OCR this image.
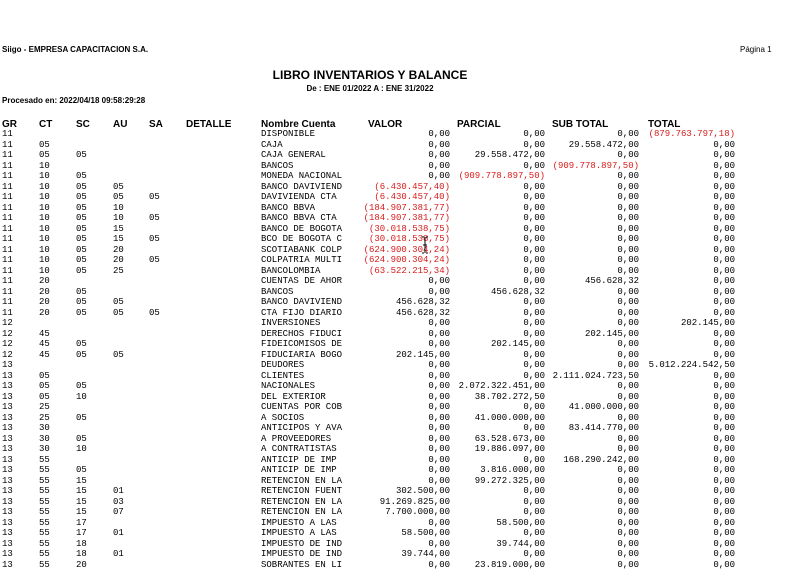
Siigo - EMPRESA CAPACITACION S.A.	Página 1
LIBRO INVENTARIOS Y BALANCE
De : ENE 01/2022 A : ENE 31/2022
Procesado en: 2022/04/18 09:58:29:28
GR CT SC AU SA DETALLE	Nombre Cuenta	VALOR	PARCIAL	SUB TOTAL	TOTAL
11	DISPONIBLE	0,00	0,00	0,00 (879.763.797,18)
11	05	CAJA	0,00	0,00	29.558.472,00	0,00
11	05	05	CAJA GENERAL	0,00	29.558.472,00	0,00	0,00
11	10	BANCOS	0,00	0,00 (909.778.897,50)	0,00
11	10	05	MONEDA NACIONAL	0,00 (909.778.897,50)	0,00	0,00
11	10	05	05	BANCO DAVIVIEND	(6.430.457,40)	0,00	0,00	0,00
11	10	05	05	05	DAVIVIENDA CTA	(6.430.457,40)	0,00	0,00	0,00
11	10	05	10	BANCO BBVA	(184.907.381,77)	0,00	0,00	0,00
11	10	05	10	05	BANCO BBVA CTA	(184.907.381,77)	0,00	0,00	0,00
11	10	05	15	BANCO DE BOGOTA	(30.018.538,75)	0,00	0,00	0,00
11	10	05	15	05	BCO DE BOGOTA C	(30.018.538,75)	0,00	0,00	0,00
11	10	05	20	SCOTIABANK COLP (624.900.304,24)	0,00	0,00	0,00
11	10	05	20	05	COLPATRIA MULTI (624.900.304,24)	0,00	0,00	0,00
11	10	05	25	BANCOLOMBIA	(63.522.215,34)	0,00	0,00	0,00
11	20	CUENTAS DE AHOR	0,00	0,00	456.628,32	0,00
11	20	05	BANCOS	0,00	456.628,32	0,00	0,00
11	20	05	05	BANCO DAVIVIEND	456.628,32	0,00	0,00	0,00
11	20	05	05	05	CTA FIJO DIARIO	456.628,32	0,00	0,00	0,00
12	INVERSIONES	0,00	0,00	0,00	202.145,00
12	45	DERECHOS FIDUCI	0,00	0,00	202.145,00	0,00
12	45	05	FIDEICOMISOS DE	0,00	202.145,00	0,00	0,00
12	45	05	05	FIDUCIARIA BOGO	202.145,00	0,00	0,00	0,00
13	DEUDORES	0,00	0,00	0,00 5.012.224.542,50
13	05	CLIENTES	0,00	0,00 2.111.024.723,50	0,00
13	05	05	NACIONALES	0,00 2.072.322.451,00	0,00	0,00
13	05	10	DEL EXTERIOR	0,00	38.702.272,50	0,00	0,00
13	25	CUENTAS POR COB	0,00	0,00	41.000.000,00	0,00
13	25	05	A SOCIOS	0,00	41.000.000,00	0,00	0,00
13	30	ANTICIPOS Y AVA	0,00	0,00	83.414.770,00	0,00
13	30	05	A PROVEEDORES	0,00	63.528.673,00	0,00	0,00
13	30	10	A CONTRATISTAS	0,00	19.886.097,00	0,00	0,00
13	55	ANTICIP DE IMP	0,00	0,00 168.290.242,00	0,00
13	55	05	ANTICIP DE IMP	0,00	3.816.000,00	0,00	0,00
13	55	15	RETENCION EN LA	0,00	99.272.325,00	0,00	0,00
13	55	15	01	RETENCION FUENT	302.500,00	0,00	0,00	0,00
13	55	15	03	RETENCION EN LA	91.269.825,00	0,00	0,00	0,00
13	55	15	07	RETENCION EN LA	7.700.000,00	0,00	0,00	0,00
13	55	17	IMPUESTO A LAS	0,00	58.500,00	0,00	0,00
13	55	17	01	IMPUESTO A LAS	58.500,00	0,00	0,00	0,00
13	55	18	IMPUESTO DE IND	0,00	39.744,00	0,00	0,00
13	55	18	01	IMPUESTO DE IND	39.744,00	0,00	0,00	0,00
13	55	20	SOBRANTES EN LI	0,00	23.819.000,00	0,00	0,00
